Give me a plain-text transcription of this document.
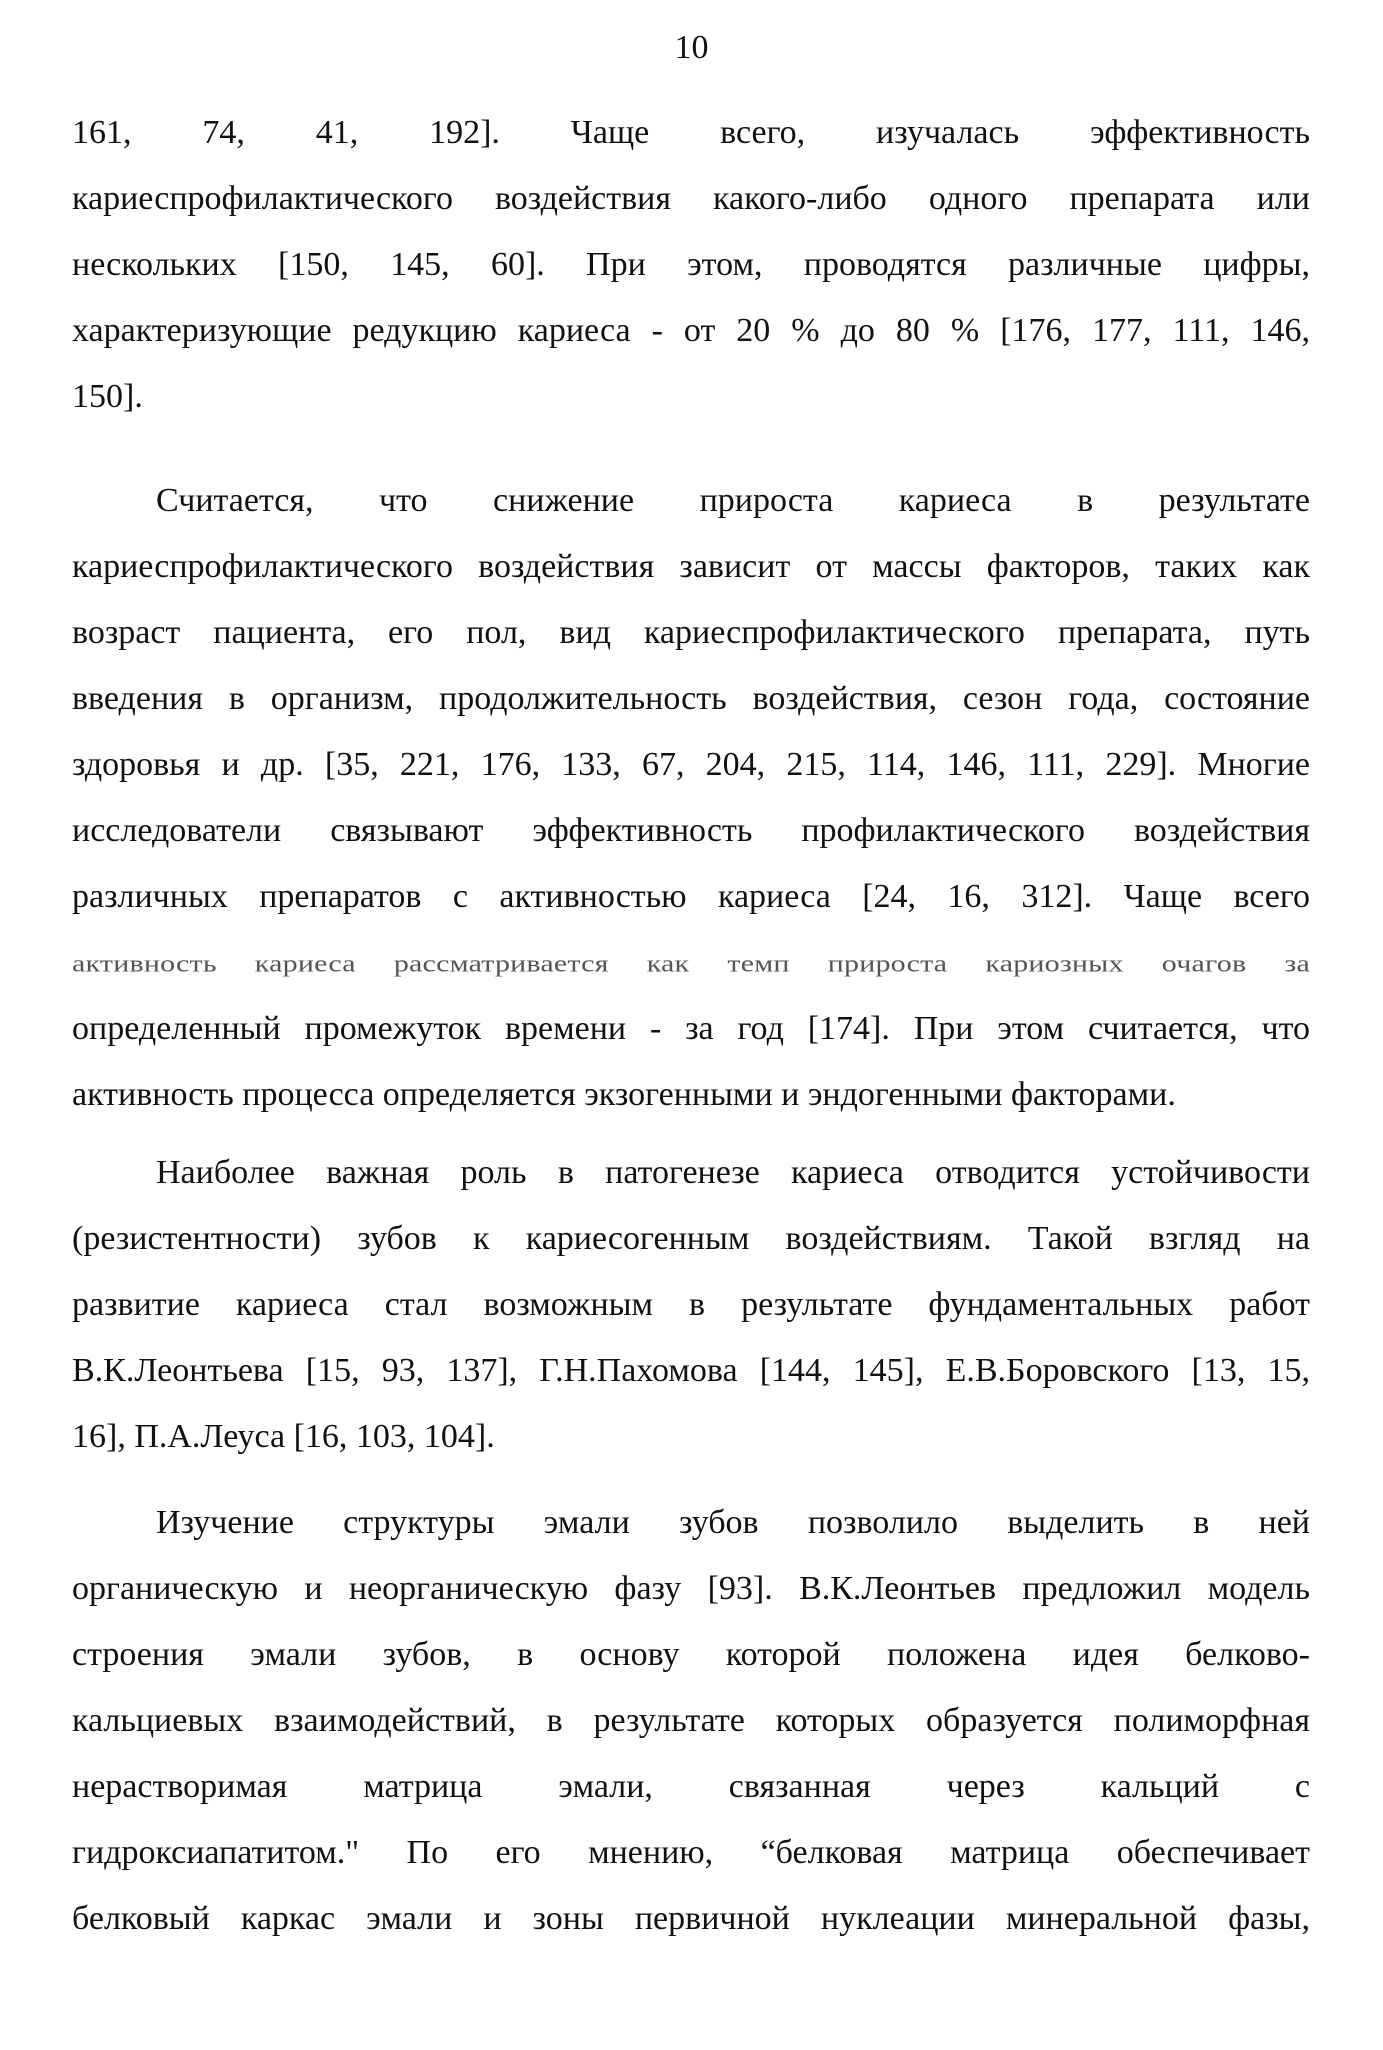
10
161, 74, 41, 192]. Чаще всего, изучалась эффективность
кариеспрофилактического воздействия какого-либо одного препарата или
нескольких [150, 145, 60]. При этом, проводятся различные цифры,
характеризующие редукцию кариеса - от 20 % до 80 % [176, 177, 111, 146,
150].
Считается, что снижение прироста кариеса в результате
кариеспрофилактического воздействия зависит от массы факторов, таких как
возраст пациента, его пол, вид кариеспрофилактического препарата, путь
введения в организм, продолжительность воздействия, сезон года, состояние
здоровья и др. [35, 221, 176, 133, 67, 204, 215, 114, 146, 111, 229]. Многие
исследователи связывают эффективность профилактического воздействия
различных препаратов с активностью кариеса [24, 16, 312]. Чаще всего
активность кариеса рассматривается как темп прироста кариозных очагов за
определенный промежуток времени - за год [174]. При этом считается, что
активность процесса определяется экзогенными и эндогенными факторами.
Наиболее важная роль в патогенезе кариеса отводится устойчивости
(резистентности) зубов к кариесогенным воздействиям. Такой взгляд на
развитие кариеса стал возможным в результате фундаментальных работ
В.К.Леонтьева [15, 93, 137], Г.Н.Пахомова [144, 145], Е.В.Боровского [13, 15,
16], П.А.Леуса [16, 103, 104].
Изучение структуры эмали зубов позволило выделить в ней
органическую и неорганическую фазу [93]. В.К.Леонтьев предложил модель
строения эмали зубов, в основу которой положена идея белково-
кальциевых взаимодействий, в результате которых образуется полиморфная
нерастворимая матрица эмали, связанная через кальций с
гидроксиапатитом." По его мнению, “белковая матрица обеспечивает
белковый каркас эмали и зоны первичной нуклеации минеральной фазы,
